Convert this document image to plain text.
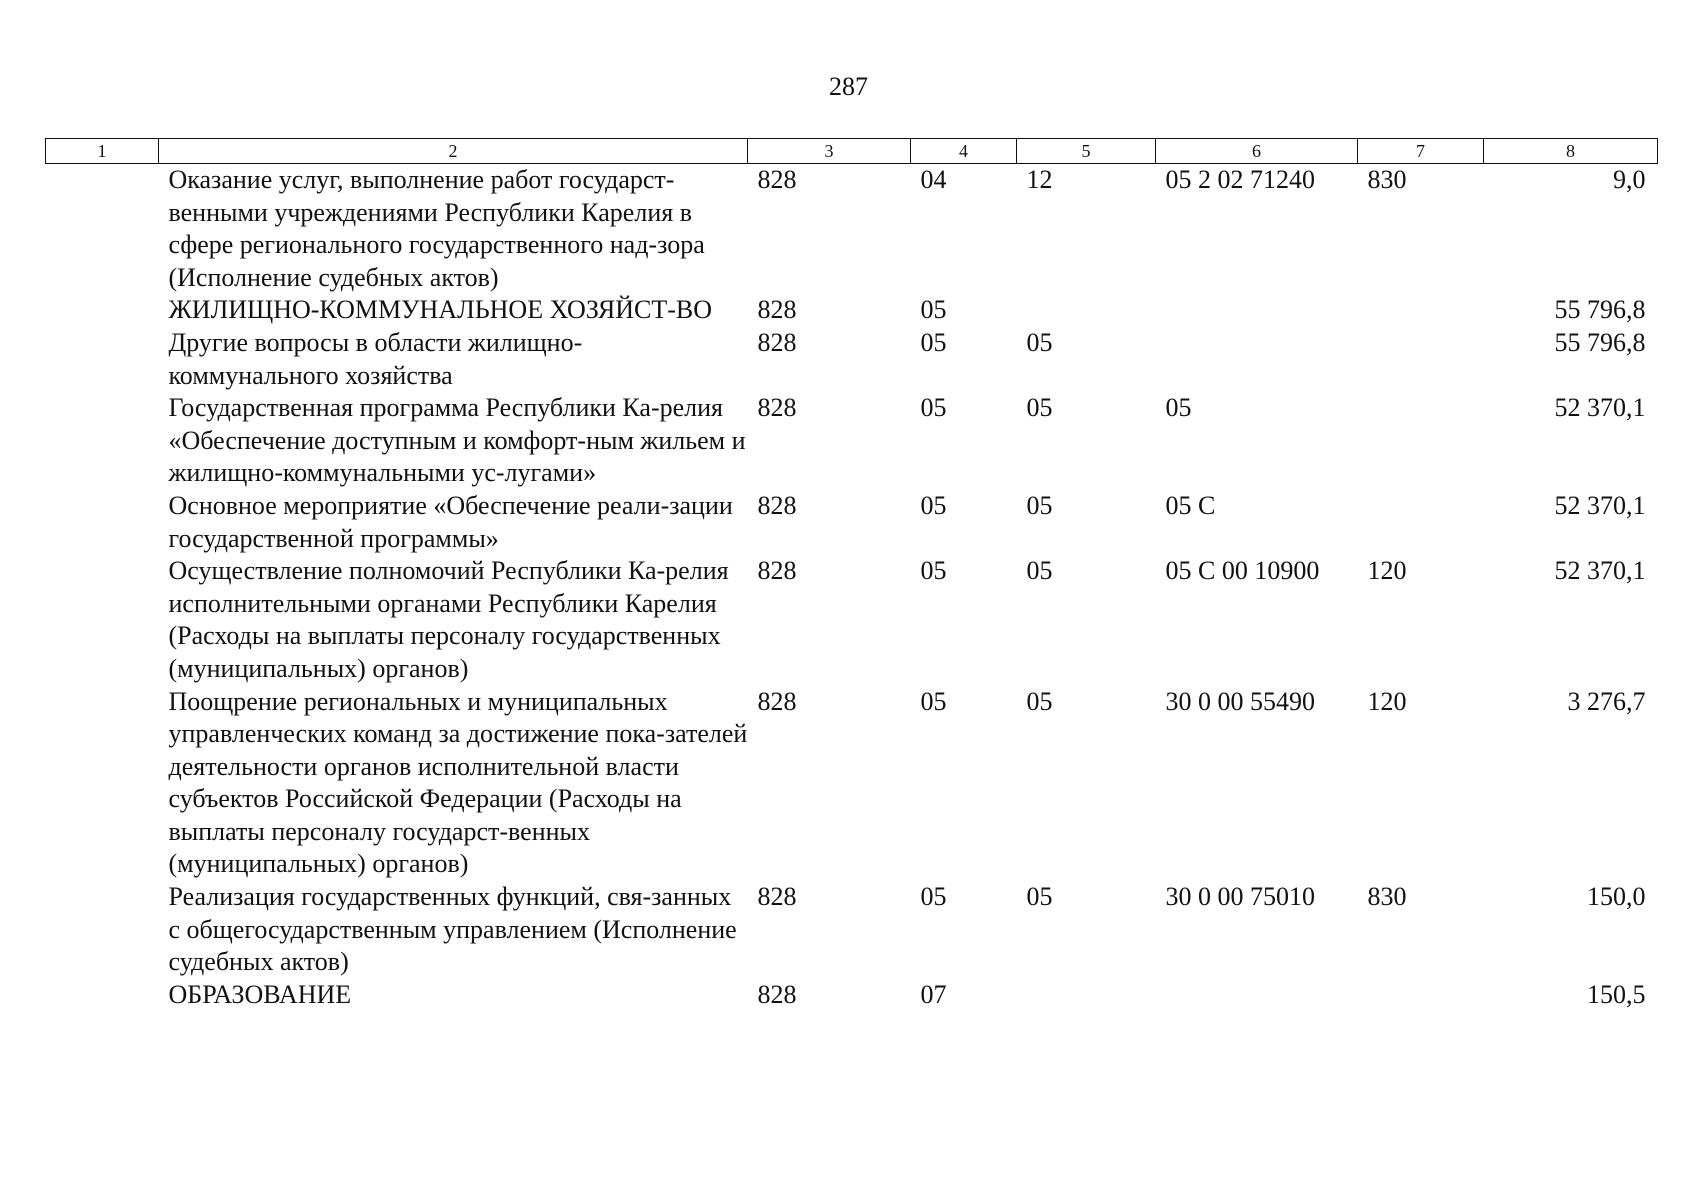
287
1	2	3	4	5	6	7	8
	Оказание услуг, выполнение работ государст-венными учреждениями Республики Карелия в сфере регионального государственного над-зора (Исполнение судебных актов)	828	04	12	05 2 02 71240	830	9,0
	ЖИЛИЩНО-КОММУНАЛЬНОЕ ХОЗЯЙСТ-ВО	828	05				55 796,8
	Другие вопросы в области жилищно-коммунального хозяйства	828	05	05			55 796,8
	Государственная программа Республики Ка-релия «Обеспечение доступным и комфорт-ным жильем и жилищно-коммунальными ус-лугами»	828	05	05	05		52 370,1
	Основное мероприятие «Обеспечение реали-зации государственной программы»	828	05	05	05 С		52 370,1
	Осуществление полномочий Республики Ка-релия исполнительными органами Республики Карелия (Расходы на выплаты персоналу государственных (муниципальных) органов)	828	05	05	05 С 00 10900	120	52 370,1
	Поощрение региональных и муниципальных управленческих команд за достижение пока-зателей деятельности органов исполнительной власти субъектов Российской Федерации (Расходы на выплаты персоналу государст-венных (муниципальных) органов)	828	05	05	30 0 00 55490	120	3 276,7
	Реализация государственных функций, свя-занных с общегосударственным управлением (Исполнение судебных актов)	828	05	05	30 0 00 75010	830	150,0
	ОБРАЗОВАНИЕ	828	07				150,5
